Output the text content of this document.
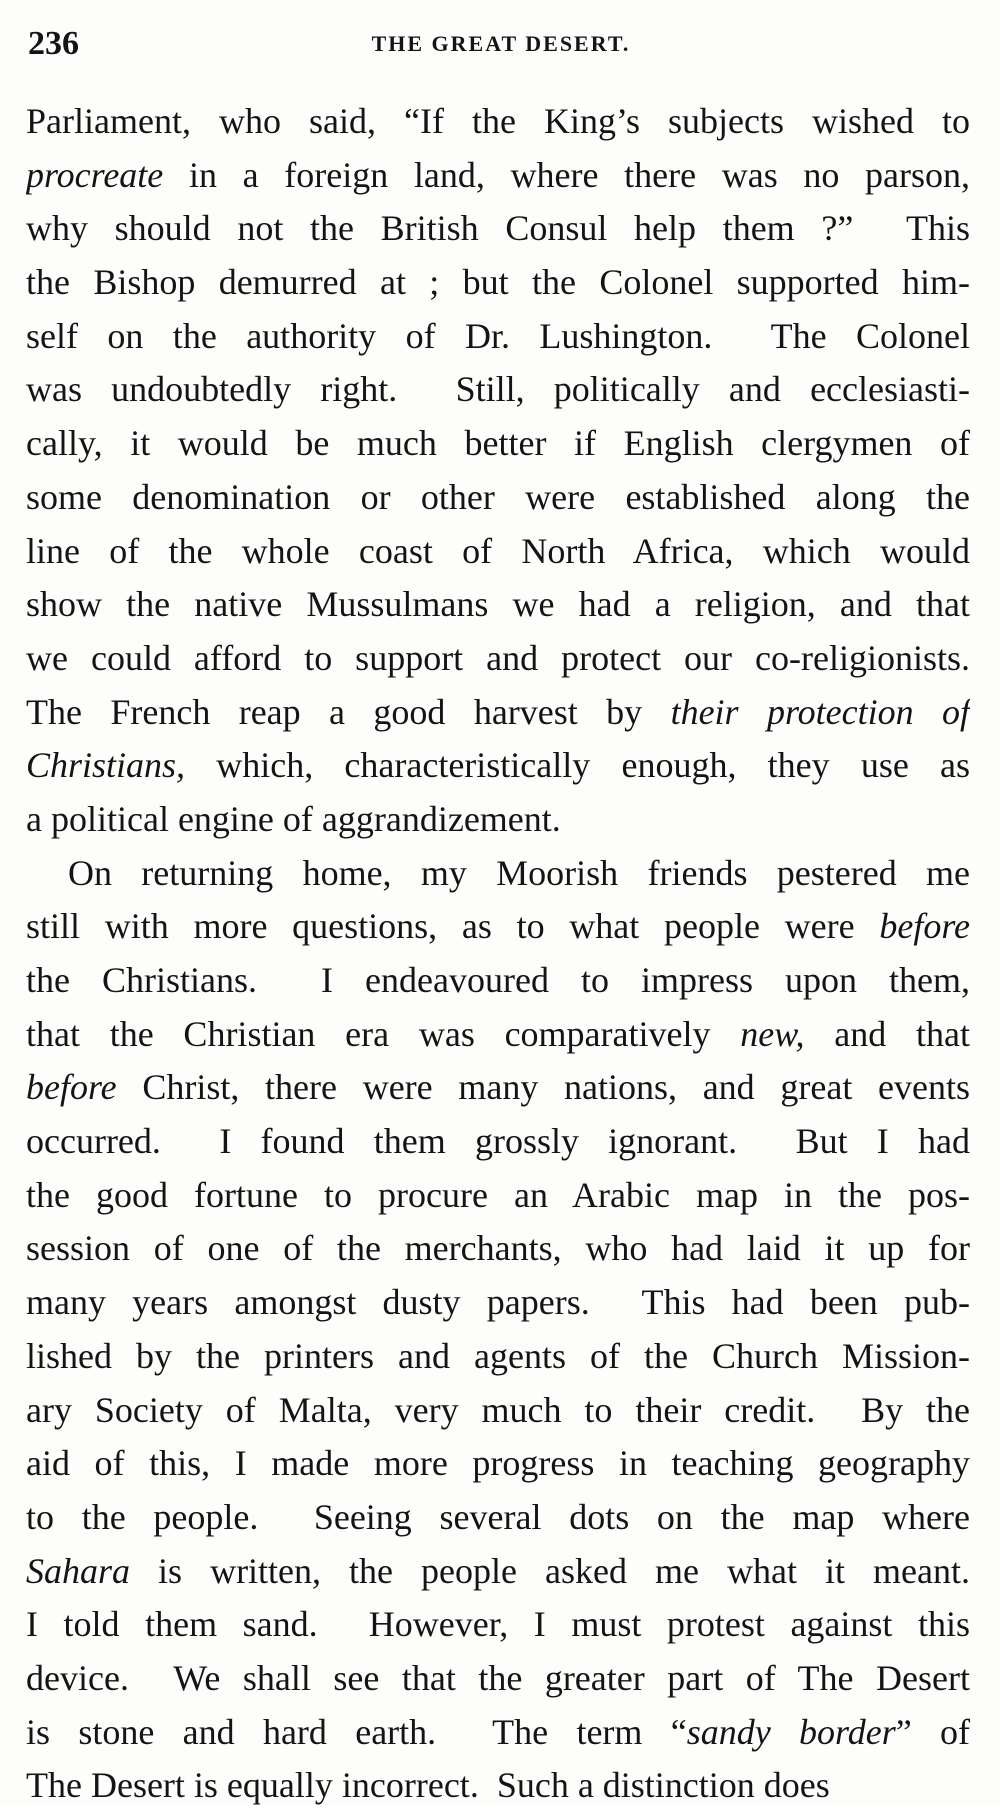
236	THE GREAT DESERT.
Parliament, who said, “If the King’s subjects wished to
procreate in a foreign land, where there was no parson,
why should not the British Consul help them ?”  This
the Bishop demurred at ; but the Colonel supported him-
self on the authority of Dr. Lushington.  The Colonel
was undoubtedly right.  Still, politically and ecclesiasti-
cally, it would be much better if English clergymen of
some denomination or other were established along the
line of the whole coast of North Africa, which would
show the native Mussulmans we had a religion, and that
we could afford to support and protect our co-religionists.
The French reap a good harvest by their protection of
Christians, which, characteristically enough, they use as
a political engine of aggrandizement.
On returning home, my Moorish friends pestered me
still with more questions, as to what people were before
the Christians.  I endeavoured to impress upon them,
that the Christian era was comparatively new, and that
before Christ, there were many nations, and great events
occurred.  I found them grossly ignorant.  But I had
the good fortune to procure an Arabic map in the pos-
session of one of the merchants, who had laid it up for
many years amongst dusty papers.  This had been pub-
lished by the printers and agents of the Church Mission-
ary Society of Malta, very much to their credit.  By the
aid of this, I made more progress in teaching geography
to the people.  Seeing several dots on the map where
Sahara is written, the people asked me what it meant.
I told them sand.  However, I must protest against this
device.  We shall see that the greater part of The Desert
is stone and hard earth.  The term “sandy border” of
The Desert is equally incorrect.  Such a distinction does
